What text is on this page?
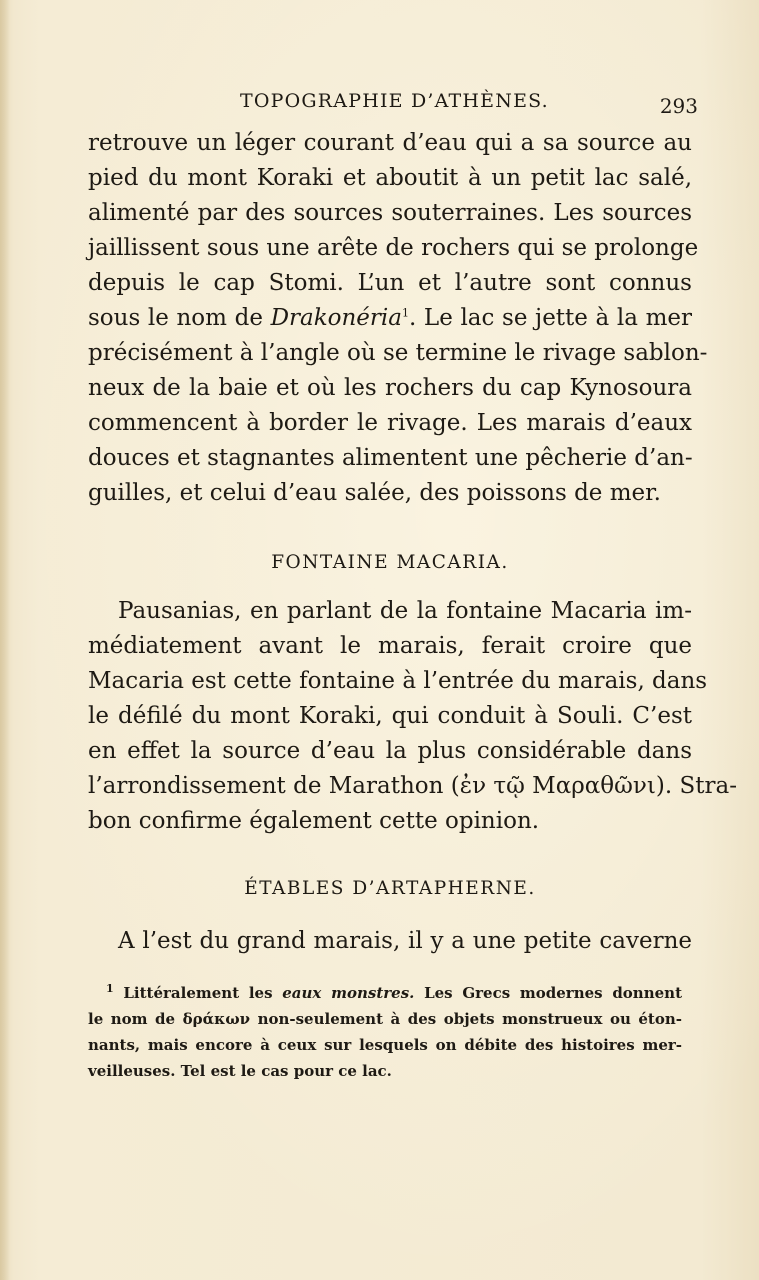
TOPOGRAPHIE D’ATHÈNES.	293
retrouve un léger courant d’eau qui a sa source au
pied du mont Koraki et aboutit à un petit lac salé,
alimenté par des sources souterraines. Les sources
jaillissent sous une arête de rochers qui se prolonge
depuis le cap Stomi. L’un et l’autre sont connus
sous le nom de Drakonéria$^1$. Le lac se jette à la mer
précisément à l’angle où se termine le rivage sablon-
neux de la baie et où les rochers du cap Kynosoura
commencent à border le rivage. Les marais d’eaux
douces et stagnantes alimentent une pêcherie d’an-
guilles, et celui d’eau salée, des poissons de mer.
FONTAINE MACARIA.
Pausanias, en parlant de la fontaine Macaria im-
médiatement avant le marais, ferait croire que
Macaria est cette fontaine à l’entrée du marais, dans
le défilé du mont Koraki, qui conduit à Souli. C’est
en effet la source d’eau la plus considérable dans
l’arrondissement de Marathon (ἐν τῷ Μαραθῶνι). Stra-
bon confirme également cette opinion.
ÉTABLES D’ARTAPHERNE.
A l’est du grand marais, il y a une petite caverne
$^1$ Littéralement les eaux monstres. Les Grecs modernes donnent
le nom de δράκων non-seulement à des objets monstrueux ou éton-
nants, mais encore à ceux sur lesquels on débite des histoires mer-
veilleuses. Tel est le cas pour ce lac.
